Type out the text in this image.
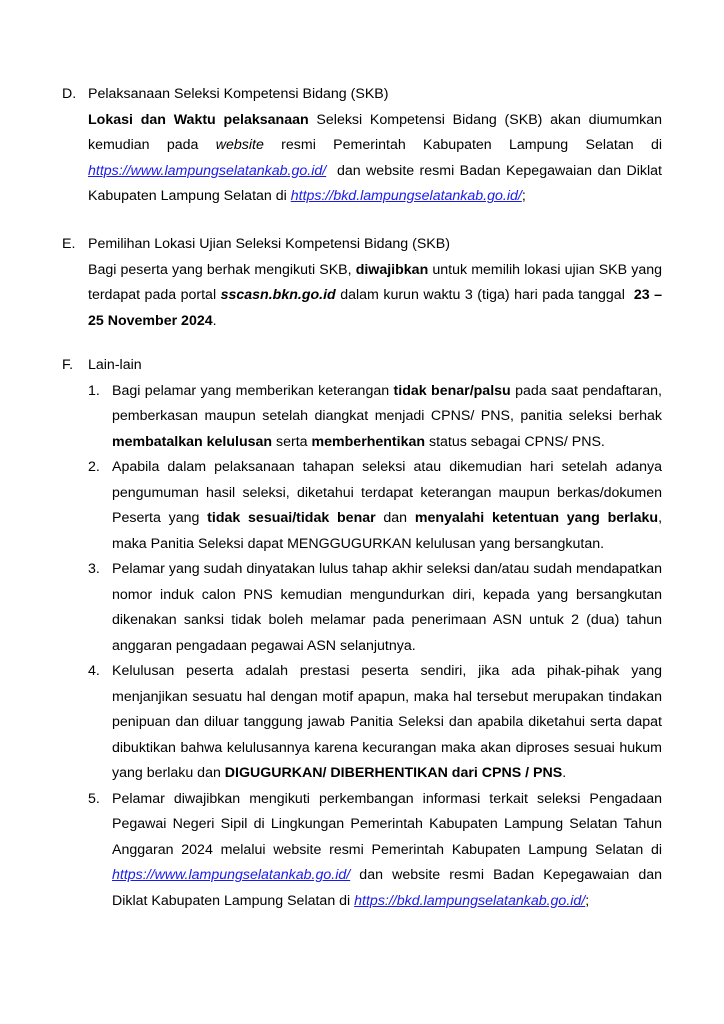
D. Pelaksanaan Seleksi Kompetensi Bidang (SKB)
Lokasi dan Waktu pelaksanaan Seleksi Kompetensi Bidang (SKB) akan diumumkan kemudian pada website resmi Pemerintah Kabupaten Lampung Selatan di https://www.lampungselatankab.go.id/  dan website resmi Badan Kepegawaian dan Diklat Kabupaten Lampung Selatan di https://bkd.lampungselatankab.go.id/;
E. Pemilihan Lokasi Ujian Seleksi Kompetensi Bidang (SKB)
Bagi peserta yang berhak mengikuti SKB, diwajibkan untuk memilih lokasi ujian SKB yang terdapat pada portal sscasn.bkn.go.id dalam kurun waktu 3 (tiga) hari pada tanggal  23 – 25 November 2024.
F. Lain-lain
1. Bagi pelamar yang memberikan keterangan tidak benar/palsu pada saat pendaftaran, pemberkasan maupun setelah diangkat menjadi CPNS/ PNS, panitia seleksi berhak membatalkan kelulusan serta memberhentikan status sebagai CPNS/ PNS.
2. Apabila dalam pelaksanaan tahapan seleksi atau dikemudian hari setelah adanya pengumuman hasil seleksi, diketahui terdapat keterangan maupun berkas/dokumen Peserta yang tidak sesuai/tidak benar dan menyalahi ketentuan yang berlaku, maka Panitia Seleksi dapat MENGGUGURKAN kelulusan yang bersangkutan.
3. Pelamar yang sudah dinyatakan lulus tahap akhir seleksi dan/atau sudah mendapatkan nomor induk calon PNS kemudian mengundurkan diri, kepada yang bersangkutan dikenakan sanksi tidak boleh melamar pada penerimaan ASN untuk 2 (dua) tahun anggaran pengadaan pegawai ASN selanjutnya.
4. Kelulusan peserta adalah prestasi peserta sendiri, jika ada pihak-pihak yang menjanjikan sesuatu hal dengan motif apapun, maka hal tersebut merupakan tindakan penipuan dan diluar tanggung jawab Panitia Seleksi dan apabila diketahui serta dapat dibuktikan bahwa kelulusannya karena kecurangan maka akan diproses sesuai hukum yang berlaku dan DIGUGURKAN/ DIBERHENTIKAN dari CPNS / PNS.
5. Pelamar diwajibkan mengikuti perkembangan informasi terkait seleksi Pengadaan Pegawai Negeri Sipil di Lingkungan Pemerintah Kabupaten Lampung Selatan Tahun Anggaran 2024 melalui website resmi Pemerintah Kabupaten Lampung Selatan di https://www.lampungselatankab.go.id/ dan website resmi Badan Kepegawaian dan Diklat Kabupaten Lampung Selatan di https://bkd.lampungselatankab.go.id/;
